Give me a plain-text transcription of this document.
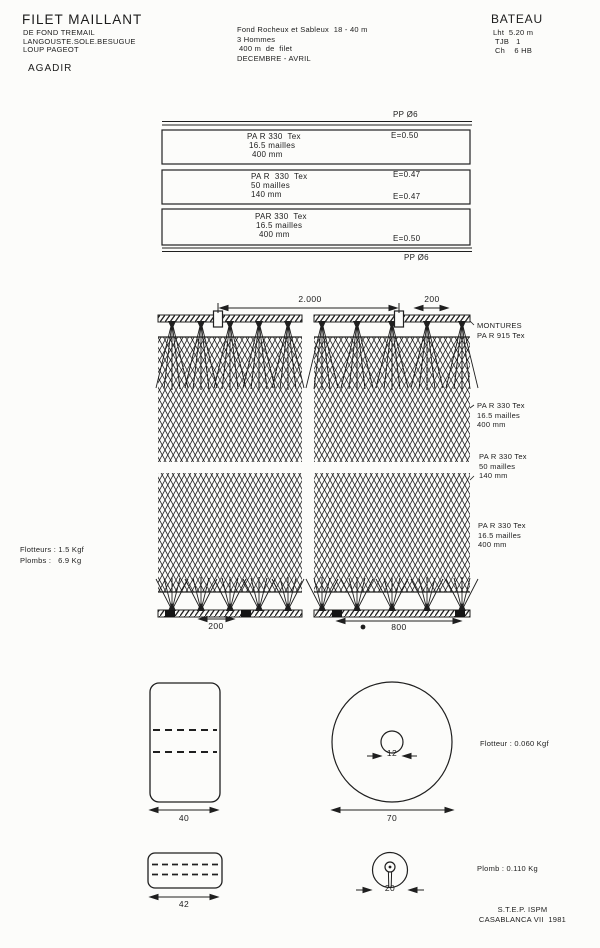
FILET MAILLANT
DE FOND TREMAIL
LANGOUSTE.SOLE.BESUGUE
LOUP PAGEOT
AGADIR
Fond Rocheux et Sableux  18 - 40 m
3 Hommes
400 m  de  filet
DECEMBRE - AVRIL
BATEAU
Lht  5.20 m
TJB   1
Ch    6 HB
PP Ø6
PA R 330  Tex
16.5 mailles
400 mm
E=0.50
PA R  330  Tex
50 mailles
140 mm
E=0.47
E=0.47
PAR 330  Tex
16.5 mailles
400 mm	E=0.50
PP Ø6
2.000	200
200	800
MONTURES
PA R 915 Tex
PA R 330 Tex
16.5 mailles
400 mm
PA R 330 Tex
50 mailles
140 mm
PA R 330 Tex
16.5 mailles
400 mm
Flotteurs : 1.5 Kgf
Plombs :   6.9 Kg
40
12
70
Flotteur : 0.060 Kgf
42
20
Plomb : 0.110 Kg
S.T.E.P. ISPM
CASABLANCA VII  1981
